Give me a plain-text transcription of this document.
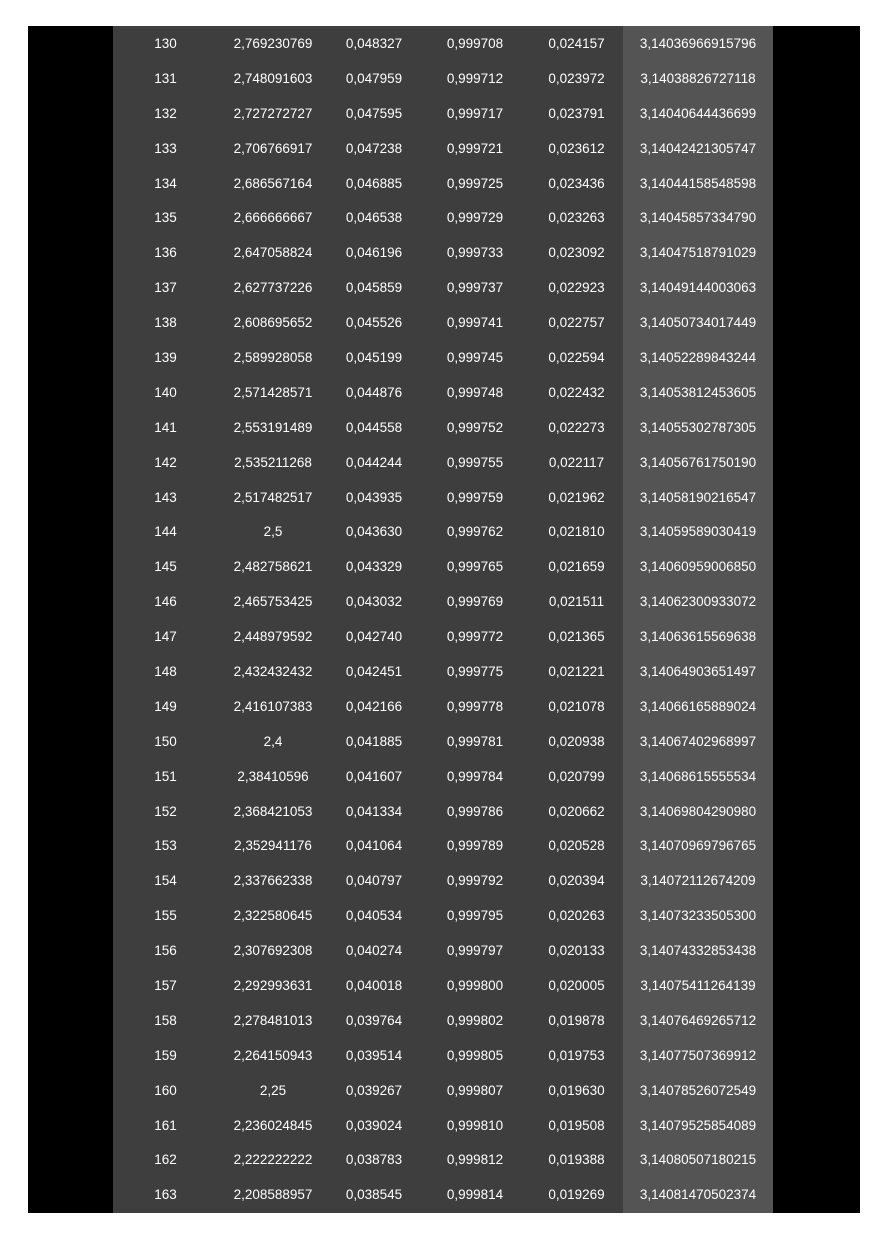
130	2,769230769	0,048327	0,999708	0,024157	3,14036966915796
131	2,748091603	0,047959	0,999712	0,023972	3,14038826727118
132	2,727272727	0,047595	0,999717	0,023791	3,14040644436699
133	2,706766917	0,047238	0,999721	0,023612	3,14042421305747
134	2,686567164	0,046885	0,999725	0,023436	3,14044158548598
135	2,666666667	0,046538	0,999729	0,023263	3,14045857334790
136	2,647058824	0,046196	0,999733	0,023092	3,14047518791029
137	2,627737226	0,045859	0,999737	0,022923	3,14049144003063
138	2,608695652	0,045526	0,999741	0,022757	3,14050734017449
139	2,589928058	0,045199	0,999745	0,022594	3,14052289843244
140	2,571428571	0,044876	0,999748	0,022432	3,14053812453605
141	2,553191489	0,044558	0,999752	0,022273	3,14055302787305
142	2,535211268	0,044244	0,999755	0,022117	3,14056761750190
143	2,517482517	0,043935	0,999759	0,021962	3,14058190216547
144	2,5	0,043630	0,999762	0,021810	3,14059589030419
145	2,482758621	0,043329	0,999765	0,021659	3,14060959006850
146	2,465753425	0,043032	0,999769	0,021511	3,14062300933072
147	2,448979592	0,042740	0,999772	0,021365	3,14063615569638
148	2,432432432	0,042451	0,999775	0,021221	3,14064903651497
149	2,416107383	0,042166	0,999778	0,021078	3,14066165889024
150	2,4	0,041885	0,999781	0,020938	3,14067402968997
151	2,38410596	0,041607	0,999784	0,020799	3,14068615555534
152	2,368421053	0,041334	0,999786	0,020662	3,14069804290980
153	2,352941176	0,041064	0,999789	0,020528	3,14070969796765
154	2,337662338	0,040797	0,999792	0,020394	3,14072112674209
155	2,322580645	0,040534	0,999795	0,020263	3,14073233505300
156	2,307692308	0,040274	0,999797	0,020133	3,14074332853438
157	2,292993631	0,040018	0,999800	0,020005	3,14075411264139
158	2,278481013	0,039764	0,999802	0,019878	3,14076469265712
159	2,264150943	0,039514	0,999805	0,019753	3,14077507369912
160	2,25	0,039267	0,999807	0,019630	3,14078526072549
161	2,236024845	0,039024	0,999810	0,019508	3,14079525854089
162	2,222222222	0,038783	0,999812	0,019388	3,14080507180215
163	2,208588957	0,038545	0,999814	0,019269	3,14081470502374
